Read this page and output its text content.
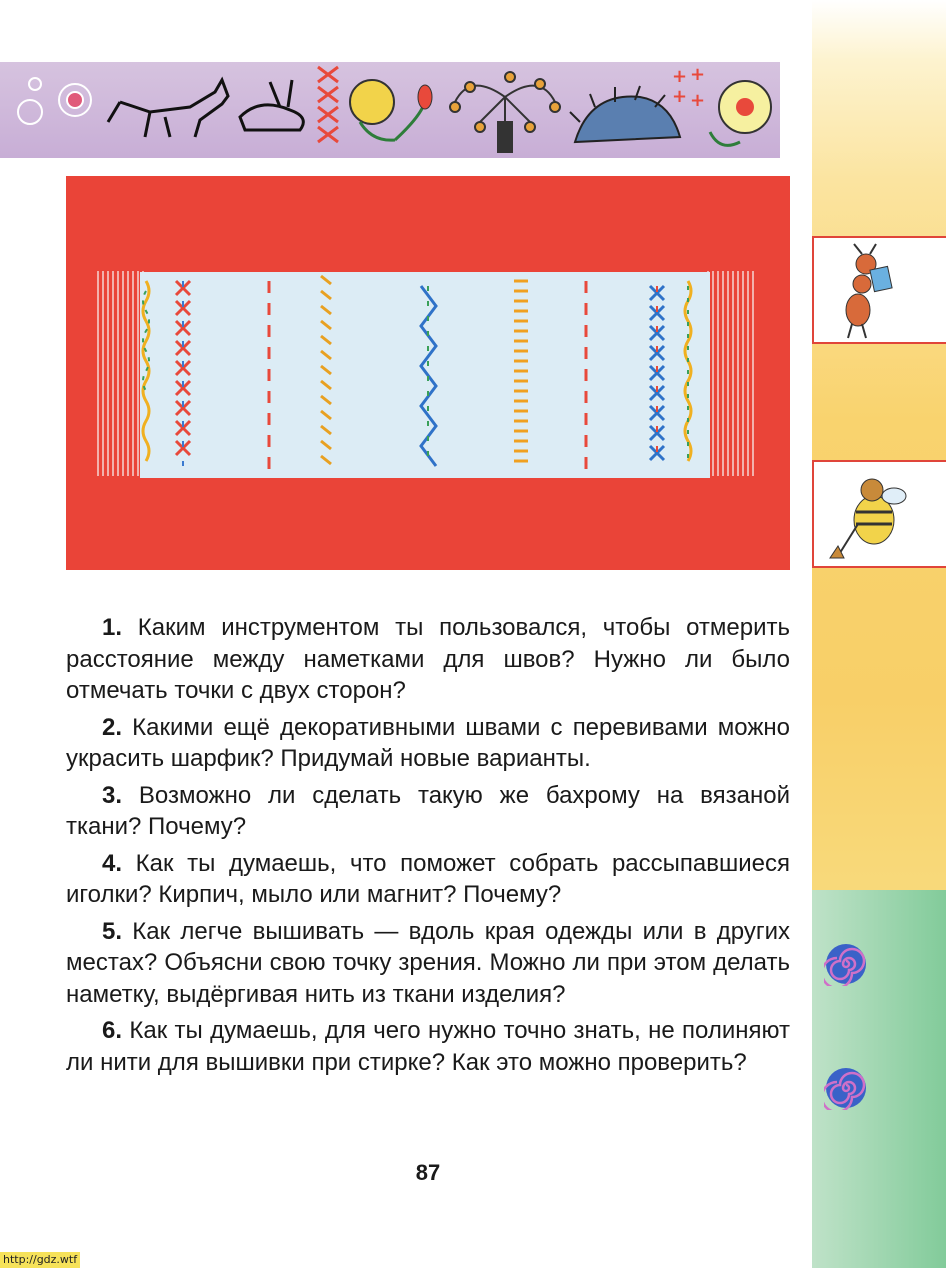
+ +
+ +

1. Каким инструментом ты пользовался, чтобы отмерить расстояние между наметками для швов? Нужно ли было отмечать точки с двух сторон?

2. Какими ещё декоративными швами с перевивами можно украсить шарфик? Придумай новые варианты.

3. Возможно ли сделать такую же бахрому на вязаной ткани? Почему?

4. Как ты думаешь, что поможет собрать рассыпавшиеся иголки? Кирпич, мыло или магнит? Почему?

5. Как легче вышивать — вдоль края одежды или в других местах? Объясни свою точку зрения. Можно ли при этом делать наметку, выдёргивая нить из ткани изделия?

6. Как ты думаешь, для чего нужно точно знать, не полиняют ли нити для вышивки при стирке? Как это можно проверить?

87
http://gdz.wtf
